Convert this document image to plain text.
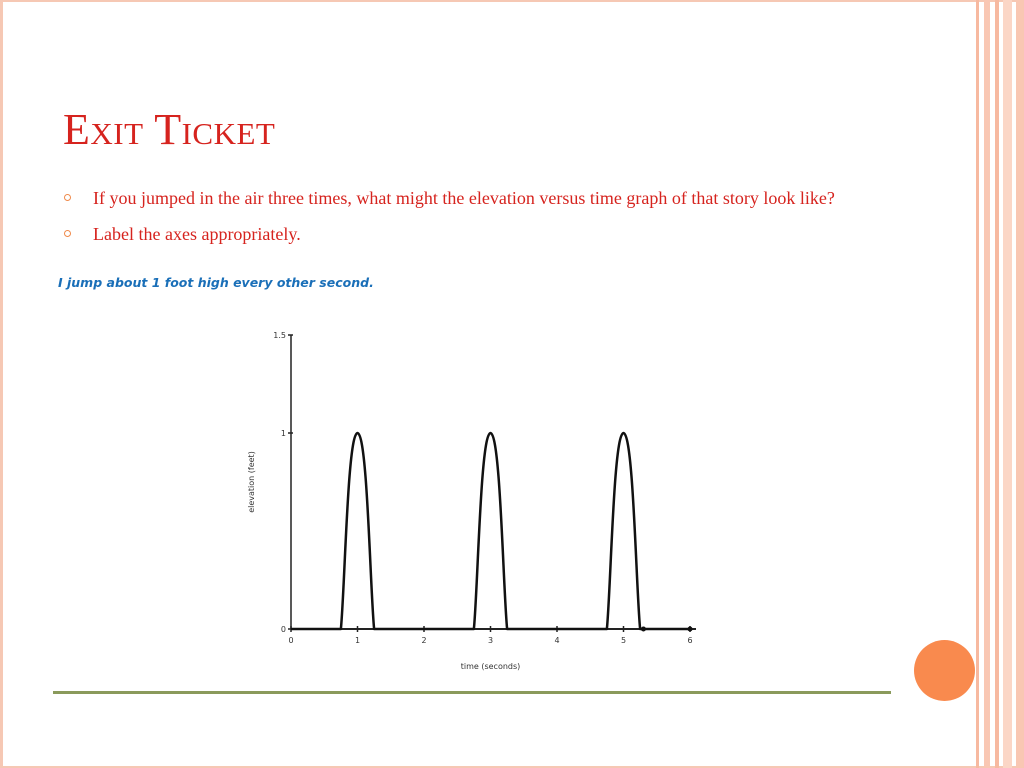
Exit Ticket
If you jumped in the air three times, what might the elevation versus time graph of that story look like?
Label the axes appropriately.
I jump about 1 foot high every other second.
0
1
1.5
0	1	2	3	4	5	6
time (seconds)
elevation (feet)
